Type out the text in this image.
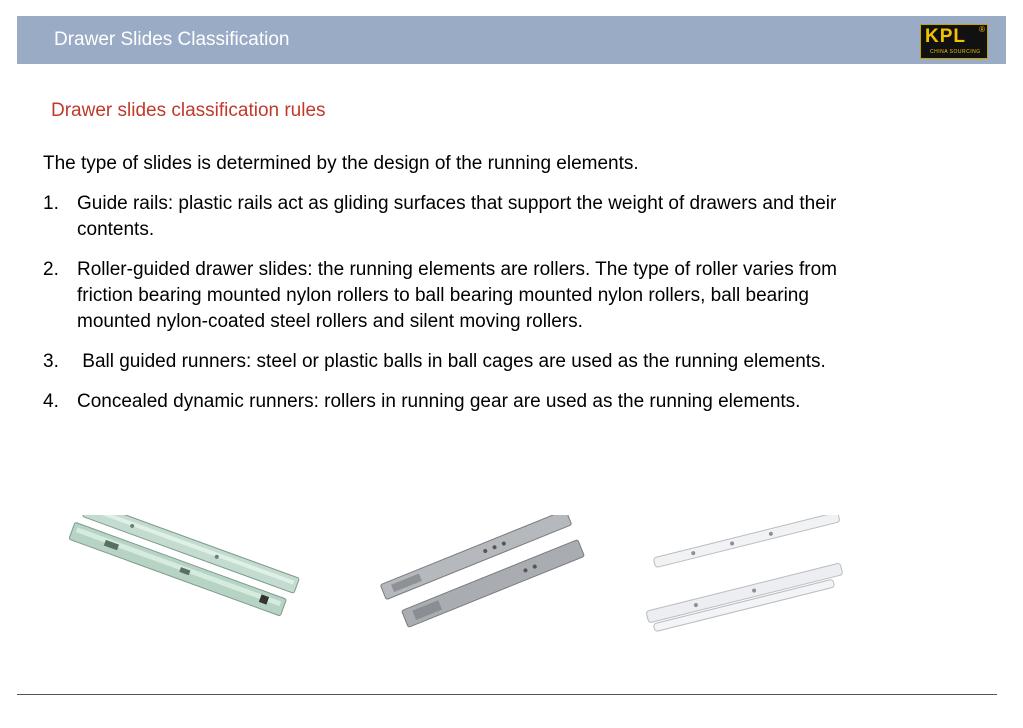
Drawer Slides Classification	KPL ®
CHINA SOURCING
Drawer slides classification rules
The type of slides is determined by the design of the running elements.
1. Guide rails: plastic rails act as gliding surfaces that support the weight of drawers and their contents.
2. Roller-guided drawer slides: the running elements are rollers. The type of roller varies from friction bearing mounted nylon rollers to ball bearing mounted nylon rollers, ball bearing mounted nylon-coated steel rollers and silent moving rollers.
3. Ball guided runners: steel or plastic balls in ball cages are used as the running elements.
4. Concealed dynamic runners: rollers in running gear are used as the running elements.
